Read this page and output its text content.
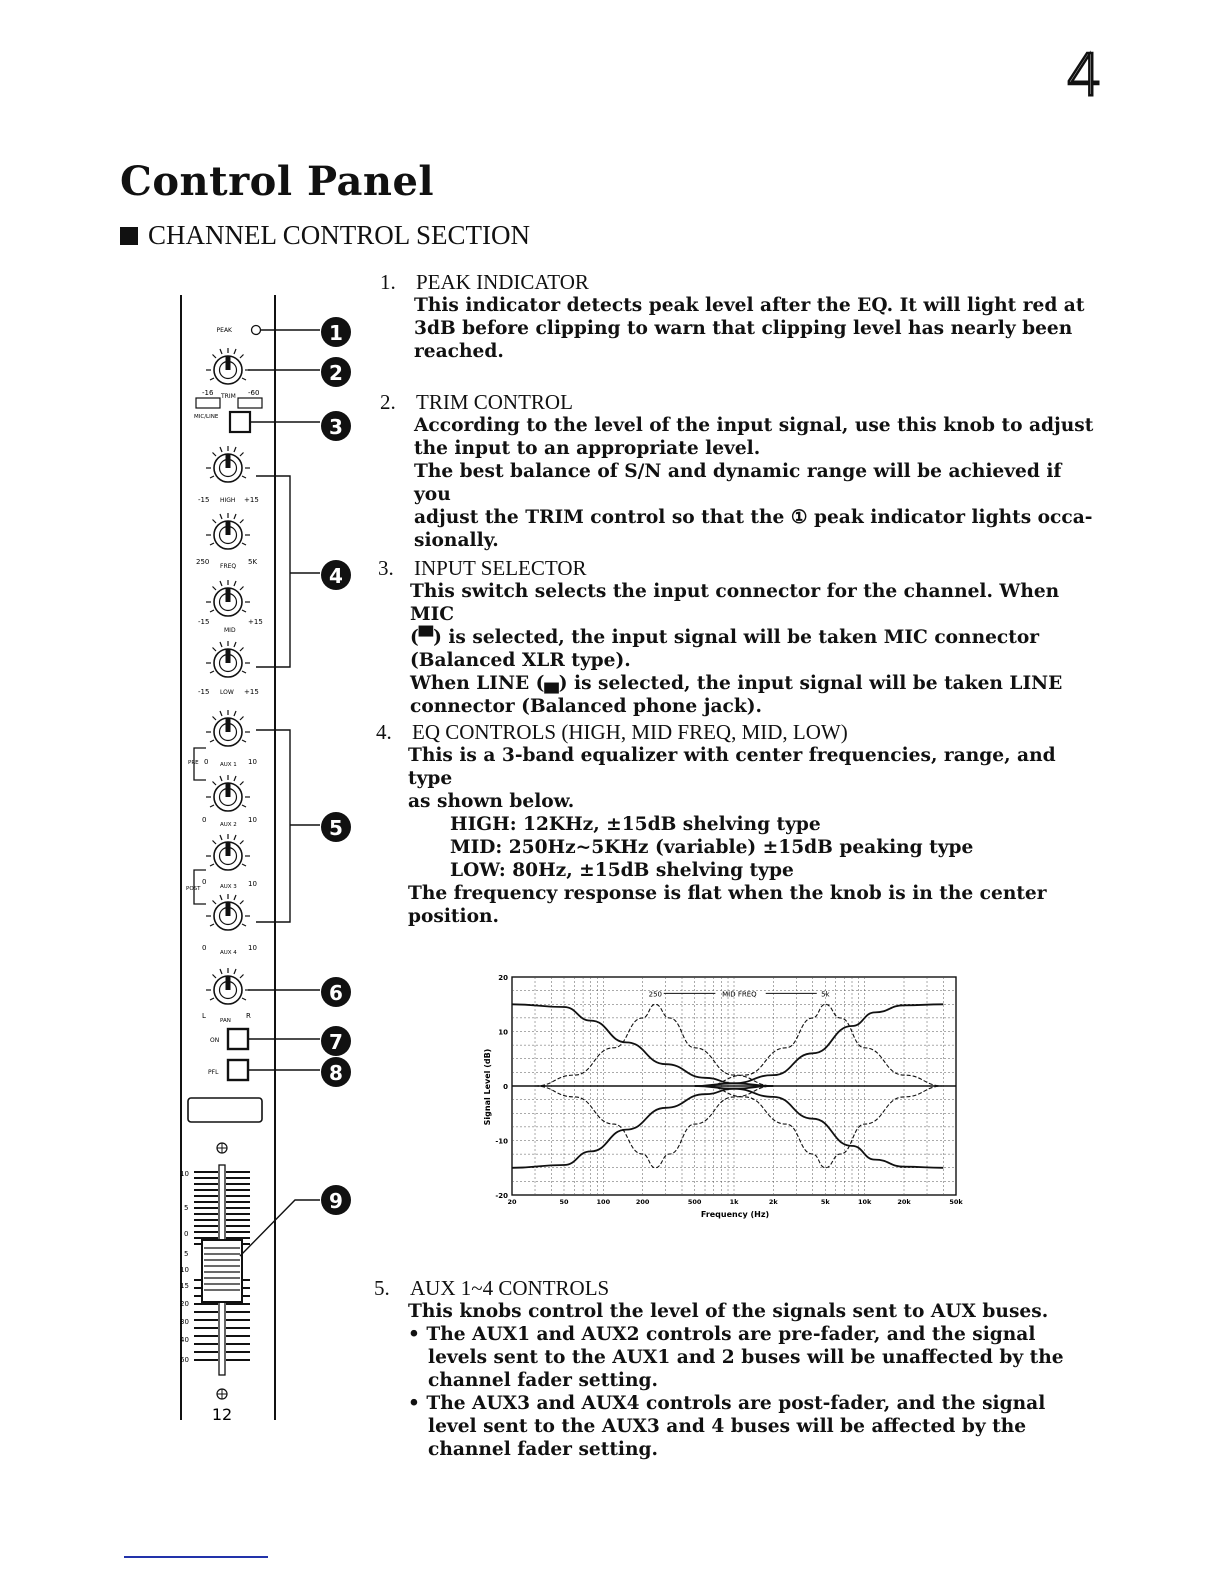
4
Control Panel
CHANNEL CONTROL SECTION
PEAK	1
2
-16 TRIM -60
MIC/LINE	3
-15 HIGH +15
250
FREQ
5K
-15
MID
+15
-15 LOW +15
4
PRE 0 AUX 1 10
0
AUX 2
10
POST
0
AUX 3 10
0
AUX 4
10
5
6
L
PAN
R
ON	7
PFL	8
10
5
0
5
10
15
20
30
40
60
9
12
1. PEAK INDICATOR

This indicator detects peak level after the EQ. It will light red at

3dB before clipping to warn that clipping level has nearly been

reached.

2. TRIM CONTROL

According to the level of the input signal, use this knob to adjust

the input to an appropriate level.

The best balance of S/N and dynamic range will be achieved if you

adjust the TRIM control so that the ① peak indicator lights occa-

sionally.

3. INPUT SELECTOR

This switch selects the input connector for the channel. When MIC

(▀) is selected, the input signal will be taken MIC connector

(Balanced XLR type).

When LINE (▄) is selected, the input signal will be taken LINE

connector (Balanced phone jack).

4. EQ CONTROLS (HIGH, MID FREQ, MID, LOW)

This is a 3-band equalizer with center frequencies, range, and type

as shown below.

HIGH: 12KHz, ±15dB shelving type

MID: 250Hz~5KHz (variable) ±15dB peaking type

LOW: 80Hz, ±15dB shelving type

The frequency response is flat when the knob is in the center

position.

20
10
0
-10
-20
20	50	100	200	500	1k	2k	5k	10k	20k	50k
250	MID FREQ	5k
Signal Level (dB)
Frequency (Hz)
5. AUX 1~4 CONTROLS

This knobs control the level of the signals sent to AUX buses.

• The AUX1 and AUX2 controls are pre-fader, and the signal levels sent to the AUX1 and 2 buses will be unaffected by the channel fader setting.

• The AUX3 and AUX4 controls are post-fader, and the signal level sent to the AUX3 and 4 buses will be affected by the channel fader setting.
